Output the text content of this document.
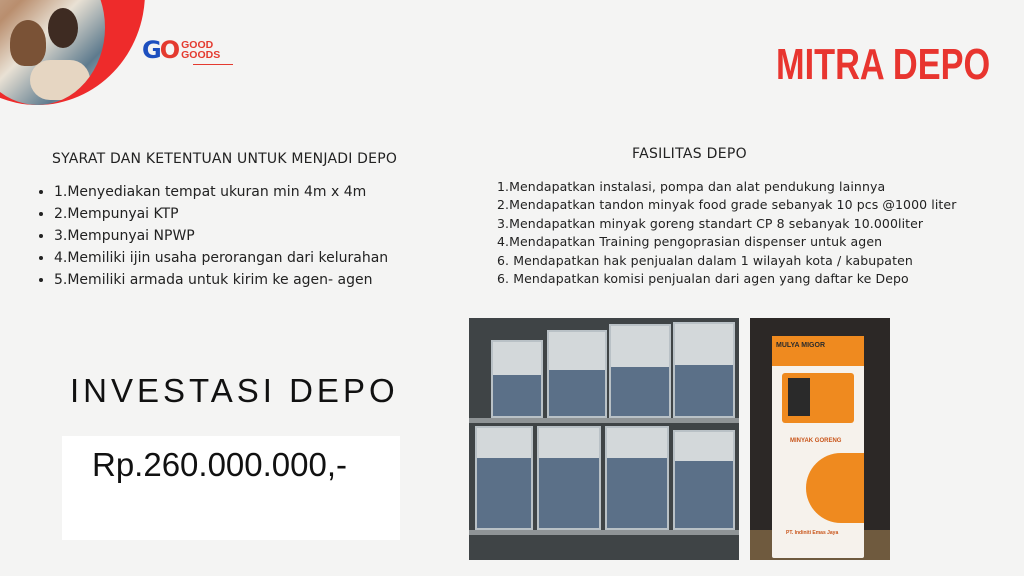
GO GOOD
GOODS	MITRA DEPO
SYARAT DAN KETENTUAN UNTUK MENJADI DEPO
• 1.Menyediakan tempat ukuran min 4m x 4m
• 2.Mempunyai KTP
• 3.Mempunyai NPWP
• 4.Memiliki ijin usaha perorangan dari kelurahan
• 5.Memiliki armada untuk kirim ke agen- agen
FASILITAS DEPO
1.Mendapatkan instalasi, pompa dan alat pendukung lainnya
2.Mendapatkan tandon minyak food grade sebanyak 10 pcs @1000 liter
3.Mendapatkan minyak goreng standart CP 8 sebanyak 10.000liter
4.Mendapatkan Training pengoprasian dispenser untuk agen
6. Mendapatkan hak penjualan dalam 1 wilayah kota / kabupaten
6. Mendapatkan komisi penjualan dari agen yang daftar ke Depo
INVESTASI DEPO
Rp.260.000.000,-
MULYA MIGOR
MINYAK GORENG
PT. Indiniti Emas Jaya
